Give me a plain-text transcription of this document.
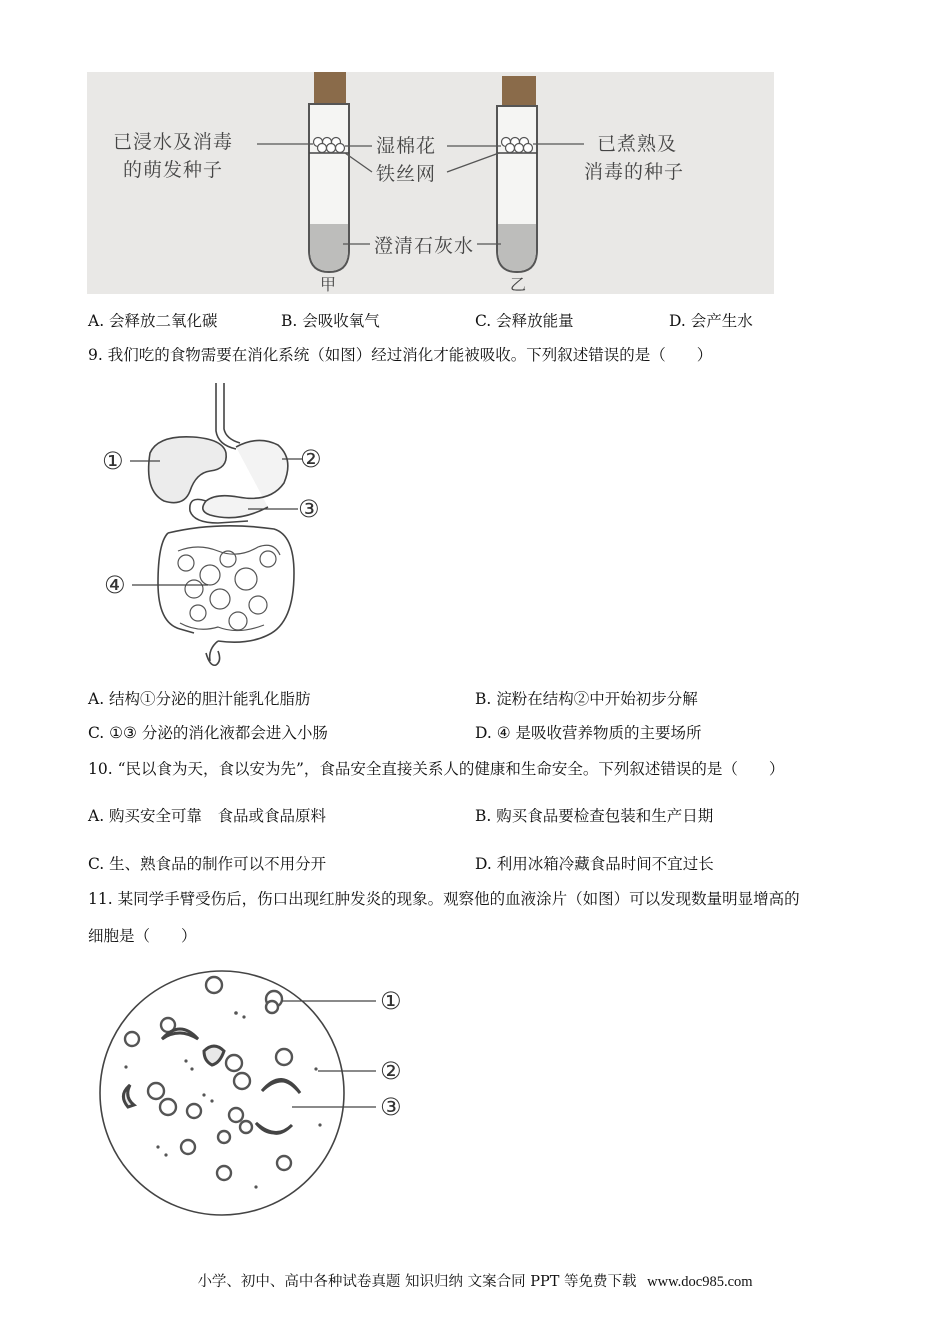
已浸水及消毒
的萌发种子
湿棉花
铁丝网
已煮熟及
消毒的种子
澄清石灰水
甲	乙
A. 会释放二氧化碳	B. 会吸收氧气	C. 会释放能量	D. 会产生水
9. 我们吃的食物需要在消化系统（如图）经过消化才能被吸收。下列叙述错误的是（　　）
①	②
③
④
A. 结构①分泌的胆汁能乳化脂肪	B. 淀粉在结构②中开始初步分解
C. ①③ 分泌的消化液都会进入小肠	D. ④ 是吸收营养物质的主要场所
10. “民以食为天，食以安为先”，食品安全直接关系人的健康和生命安全。下列叙述错误的是（　　）
A. 购买安全可靠　食品或食品原料	B. 购买食品要检查包装和生产日期
C. 生、熟食品的制作可以不用分开	D. 利用冰箱冷藏食品时间不宜过长
11. 某同学手臂受伤后，伤口出现红肿发炎的现象。观察他的血液涂片（如图）可以发现数量明显增高的
细胞是（　　）
①
②
③
小学、初中、高中各种试卷真题 知识归纳 文案合同 PPT 等免费下载 www.doc985.com
